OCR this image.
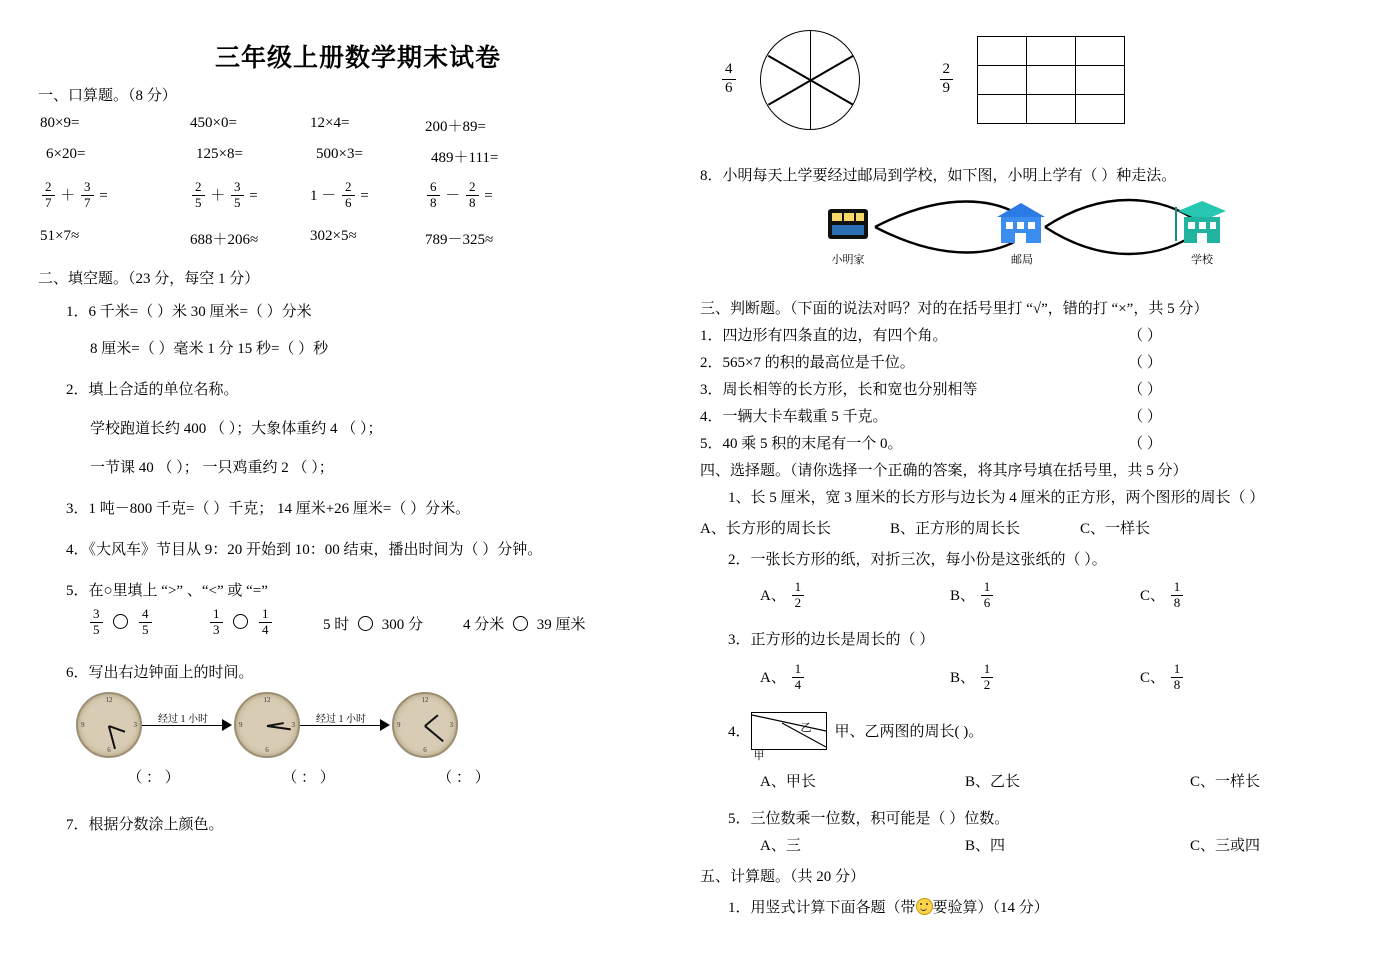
三年级上册数学期末试卷
一、口算题。（8 分）
80×9=	450×0=	12×4=	200＋89=
6×20=	125×8=	500×3=	489＋111=
$\frac{2}{7} + \frac{3}{7}$ =	$\frac{2}{5} + \frac{3}{5}$ =	$1 - \frac{2}{6}$ =	$\frac{6}{8} - \frac{2}{8}$ =
51×7≈	688＋206≈	302×5≈	789－325≈
二、填空题。（23 分，每空 1 分）
1．6 千米=（ ）米 30 厘米=（ ）分米
8 厘米=（ ）毫米 1 分 15 秒=（ ）秒
2．填上合适的单位名称。
学校跑道长约 400 （ ）；大象体重约 4 （ ）；
一节课 40 （ ）； 一只鸡重约 2 （ ）；
3．1 吨－800 千克=（ ）千克； 14 厘米+26 厘米=（ ）分米。
4．《大风车》节目从 9：20 开始到 10：00 结束，播出时间为（ ）分钟。
5．在○里填上 “>” 、“<” 或 “=”
$\frac{3}{5}$
	$\frac{4}{5}$	$\frac{1}{3}$
	$\frac{1}{4}$	5 时 300 分	4 分米 39 厘米
6．写出右边钟面上的时间。
12
3
6
9	经过 1 小时
12
3
6
9	经过 1 小时
12
3
6
9
（ ： ）	（ ： ）	（ ： ）
7．根据分数涂上颜色。
$\frac{4}{6}$	$\frac{2}{9}$

8．小明每天上学要经过邮局到学校，如下图，小明上学有（ ）种走法。
小明家	邮局	学校
三、判断题。（下面的说法对吗？对的在括号里打 “√”，错的打 “×”，共 5 分）
1．四边形有四条直的边，有四个角。	（ ）
2．565×7 的积的最高位是千位。	（ ）
3．周长相等的长方形，长和宽也分别相等	（ ）
4．一辆大卡车载重 5 千克。	（ ）
5．40 乘 5 积的末尾有一个 0。	（ ）
四、选择题。（请你选择一个正确的答案，将其序号填在括号里，共 5 分）
1、长 5 厘米，宽 3 厘米的长方形与边长为 4 厘米的正方形，两个图形的周长（ ）
A、长方形的周长长	B、正方形的周长长	C、一样长
2．一张长方形的纸，对折三次，每小份是这张纸的（ ）。
A、 $\frac{1}{2}$	B、 $\frac{1}{6}$	C、 $\frac{1}{8}$
3．正方形的边长是周长的（ ）
A、 $\frac{1}{4}$	B、 $\frac{1}{2}$	C、 $\frac{1}{8}$
4．
甲
乙 甲、乙两图的周长( )。
A、甲长	B、乙长	C、一样长
5．三位数乘一位数，积可能是（ ）位数。
A、三	B、四	C、三或四
五、计算题。（共 20 分）
1．用竖式计算下面各题（带 要验算）（14 分）
